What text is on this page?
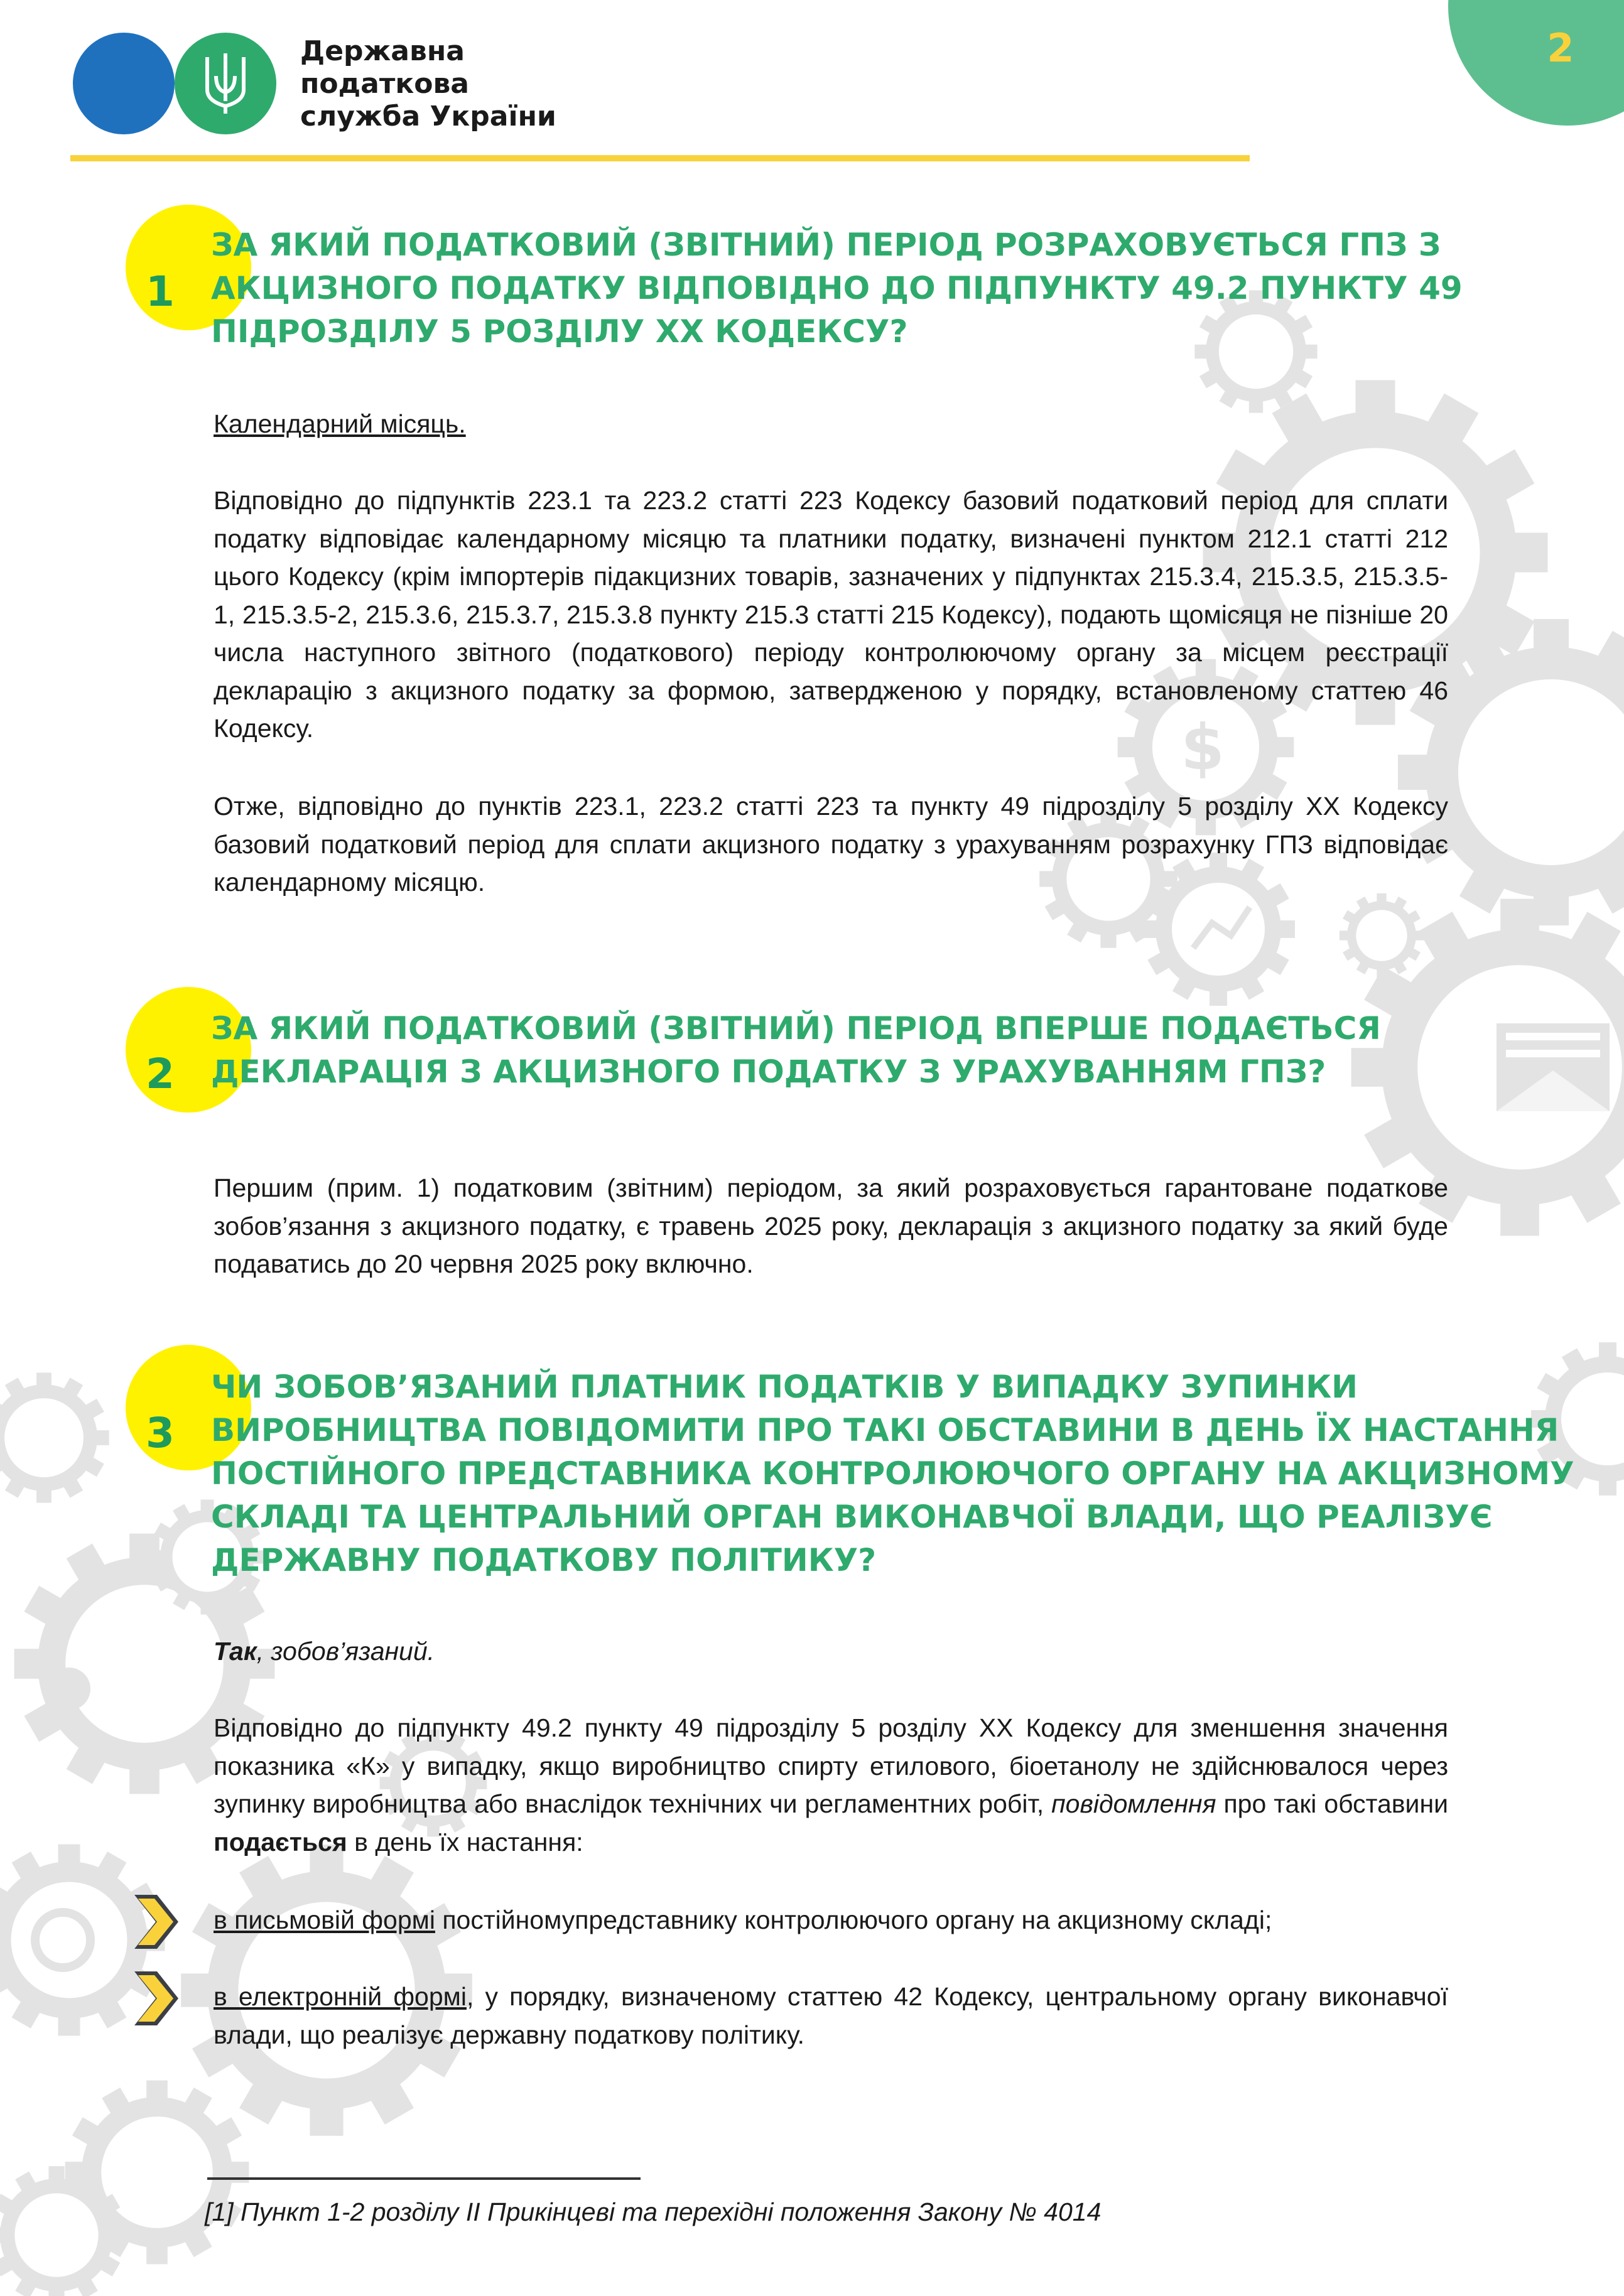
$
Державна
податкова
служба України
2
1
ЗА ЯКИЙ ПОДАТКОВИЙ (ЗВІТНИЙ) ПЕРІОД РОЗРАХОВУЄТЬСЯ ГПЗ З
АКЦИЗНОГО ПОДАТКУ ВІДПОВІДНО ДО ПІДПУНКТУ 49.2 ПУНКТУ 49
ПІДРОЗДІЛУ 5 РОЗДІЛУ ХХ КОДЕКСУ?
Календарний місяць.
Відповідно до підпунктів 223.1 та 223.2 статті 223 Кодексу базовий податковий період для сплати податку відповідає календарному місяцю та платники податку, визначені пунктом 212.1 статті 212 цього Кодексу (крім імпортерів підакцизних товарів, зазначених у підпунктах 215.3.4, 215.3.5, 215.3.5-1, 215.3.5-2, 215.3.6, 215.3.7, 215.3.8 пункту 215.3 статті 215 Кодексу), подають щомісяця не пізніше 20 числа наступного звітного (податкового) періоду контролюючому органу за місцем реєстрації декларацію з акцизного податку за формою, затвердженою у порядку, встановленому статтею 46 Кодексу.
Отже, відповідно до пунктів 223.1, 223.2 статті 223 та пункту 49 підрозділу 5 розділу ХХ Кодексу базовий податковий період для сплати акцизного податку з урахуванням розрахунку ГПЗ відповідає календарному місяцю.
2
ЗА ЯКИЙ ПОДАТКОВИЙ (ЗВІТНИЙ) ПЕРІОД ВПЕРШЕ ПОДАЄТЬСЯ
ДЕКЛАРАЦІЯ З АКЦИЗНОГО ПОДАТКУ З УРАХУВАННЯМ ГПЗ?
Першим (прим. 1) податковим (звітним) періодом, за який розраховується гарантоване податкове зобов’язання з акцизного податку, є травень 2025 року, декларація з акцизного податку за який буде подаватись до 20 червня 2025 року включно.
3
ЧИ ЗОБОВ’ЯЗАНИЙ ПЛАТНИК ПОДАТКІВ У ВИПАДКУ ЗУПИНКИ
ВИРОБНИЦТВА ПОВІДОМИТИ ПРО ТАКІ ОБСТАВИНИ В ДЕНЬ ЇХ НАСТАННЯ
ПОСТІЙНОГО ПРЕДСТАВНИКА КОНТРОЛЮЮЧОГО ОРГАНУ НА АКЦИЗНОМУ
СКЛАДІ ТА ЦЕНТРАЛЬНИЙ ОРГАН ВИКОНАВЧОЇ ВЛАДИ, ЩО РЕАЛІЗУЄ
ДЕРЖАВНУ ПОДАТКОВУ ПОЛІТИКУ?
Так, зобов’язаний.
Відповідно до підпункту 49.2 пункту 49 підрозділу 5 розділу ХХ Кодексу для зменшення значення показника «К» у випадку, якщо виробництво спирту етилового, біоетанолу не здійснювалося через зупинку виробництва або внаслідок технічних чи регламентних робіт, повідомлення про такі обставини подається в день їх настання:
в письмовій формі постійномупредставнику контролюючого органу на акцизному складі;
в електронній формі, у порядку, визначеному статтею 42 Кодексу, центральному органу виконавчої влади, що реалізує державну податкову політику.
[1] Пункт 1-2 розділу ІІ Прикінцеві та перехідні положення Закону № 4014
